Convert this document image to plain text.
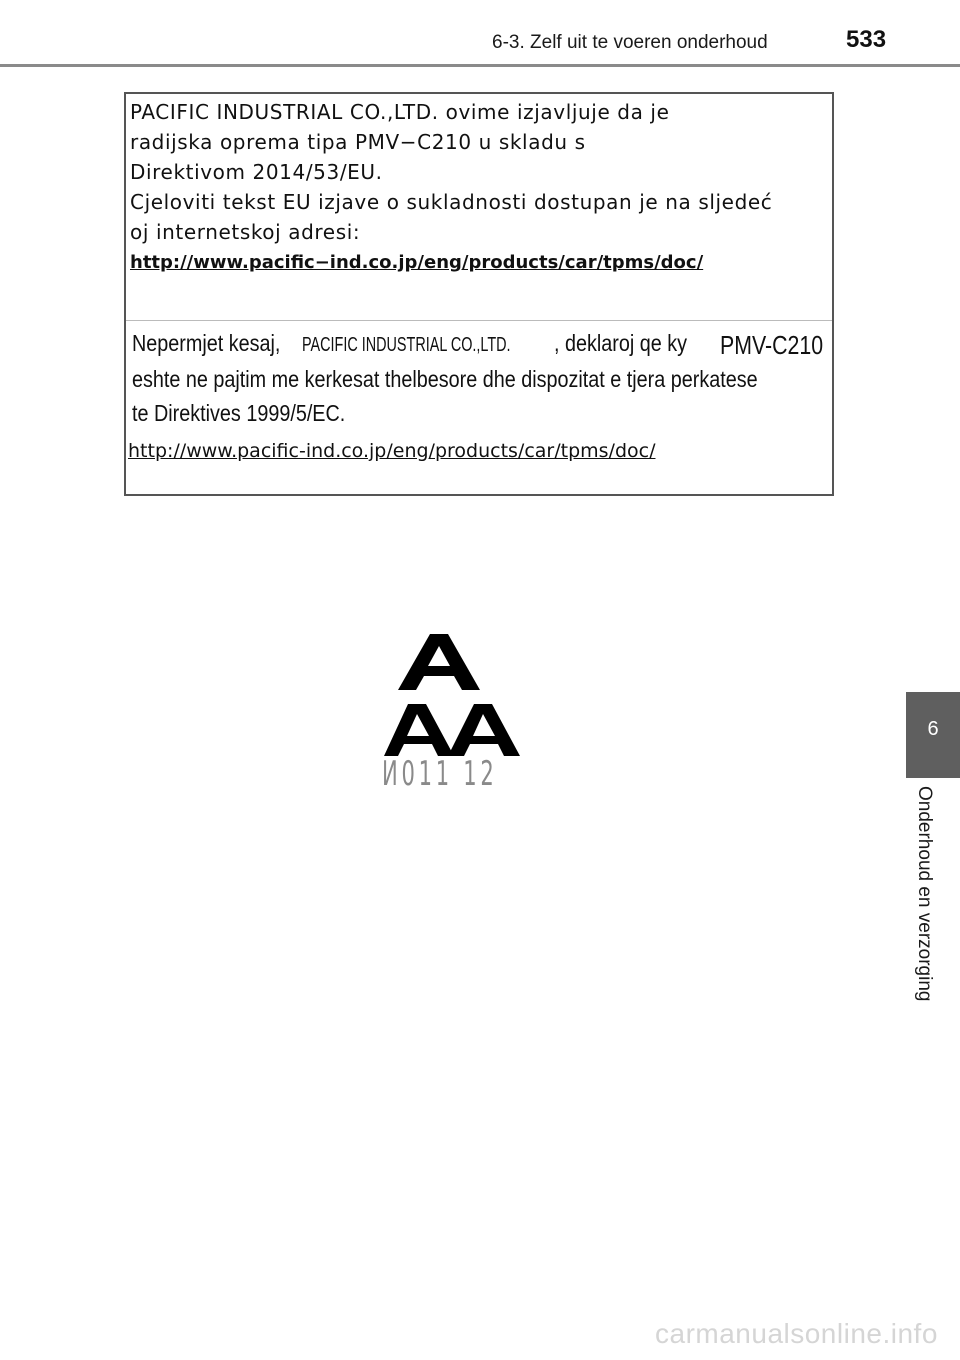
6-3. Zelf uit te voeren onderhoud	533
PACIFIC INDUSTRIAL CO.,LTD. ovime izjavljuje da je
radijska oprema tipa PMV−C210 u skladu s
Direktivom 2014/53/EU.
Cjeloviti tekst EU izjave o sukladnosti dostupan je na sljedeć
oj internetskoj adresi:
http://www.pacific−ind.co.jp/eng/products/car/tpms/doc/
Nepermjet kesaj, PACIFIC INDUSTRIAL CO.,LTD. , deklaroj qe ky PMV-C210
eshte ne pajtim me kerkesat thelbesore dhe dispozitat e tjera perkatese
te Direktives 1999/5/EC.
http://www.pacific-ind.co.jp/eng/products/car/tpms/doc/
И011 12
6
Onderhoud en verzorging
carmanualsonline.info
